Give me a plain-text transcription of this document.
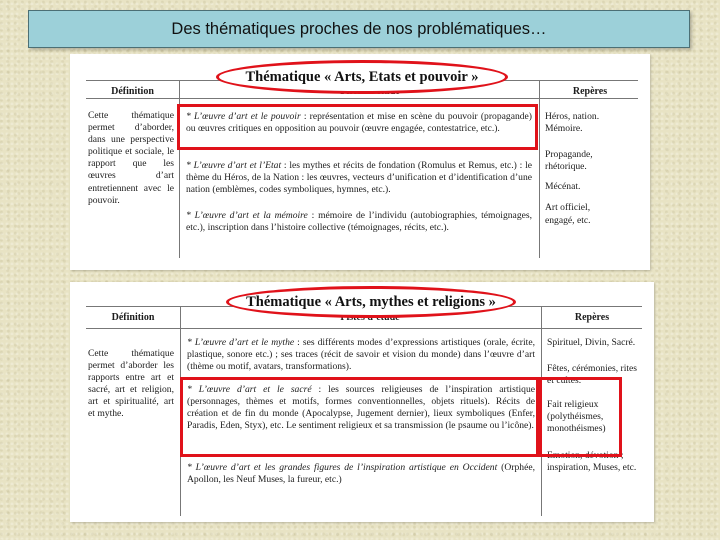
Des thématiques proches de nos problématiques…
Définition	Repères
Thématique « Arts, Etats et pouvoir »
Cette thématique permet d’aborder, dans une perspective politique et sociale, le rapport que les œuvres d’art entretiennent avec le pouvoir.
* L’œuvre d’art et le pouvoir : représentation et mise en scène du pouvoir (propagande) ou œuvres critiques en opposition au pouvoir (œuvre engagée, contestatrice, etc.).
* L’œuvre d’art et l’Etat : les mythes et récits de fondation (Romulus et Remus, etc.) : le thème du Héros, de la Nation : les œuvres, vecteurs d’unification et d’identification d’une nation (emblèmes, codes symboliques, hymnes, etc.).
* L’œuvre d’art et la mémoire : mémoire de l’individu (autobiographies, témoignages, etc.), inscription dans l’histoire collective (témoignages, récits, etc.).
Héros, nation.
Mémoire.
Propagande,
rhétorique.
Mécénat.
Art officiel,
engagé, etc.
Définition	Repères
Thématique « Arts, mythes et religions »
Cette thématique permet d’aborder les rapports entre art et sacré, art et religion, art et spiritualité, art et mythe.
* L’œuvre d’art et le mythe : ses différents modes d’expressions artistiques (orale, écrite, plastique, sonore etc.) ; ses traces (récit de savoir et vision du monde) dans l’œuvre d’art (thème ou motif, avatars, transformations).
* L’œuvre d’art et le sacré : les sources religieuses de l’inspiration artistique (personnages, thèmes et motifs, formes conventionnelles, objets rituels). Récits de création et de fin du monde (Apocalypse, Jugement dernier), lieux symboliques (Enfer, Paradis, Eden, Styx), etc. Le sentiment religieux et sa transmission (le psaume ou l’icône).
* L’œuvre d’art et les grandes figures de l’inspiration artistique en Occident (Orphée, Apollon, les Neuf Muses, la fureur, etc.)
Spirituel, Divin, Sacré.
Fêtes, cérémonies, rites et cultes.
Fait religieux (polythéismes, monothéismes)
Emotion, dévotion ; inspiration, Muses, etc.
